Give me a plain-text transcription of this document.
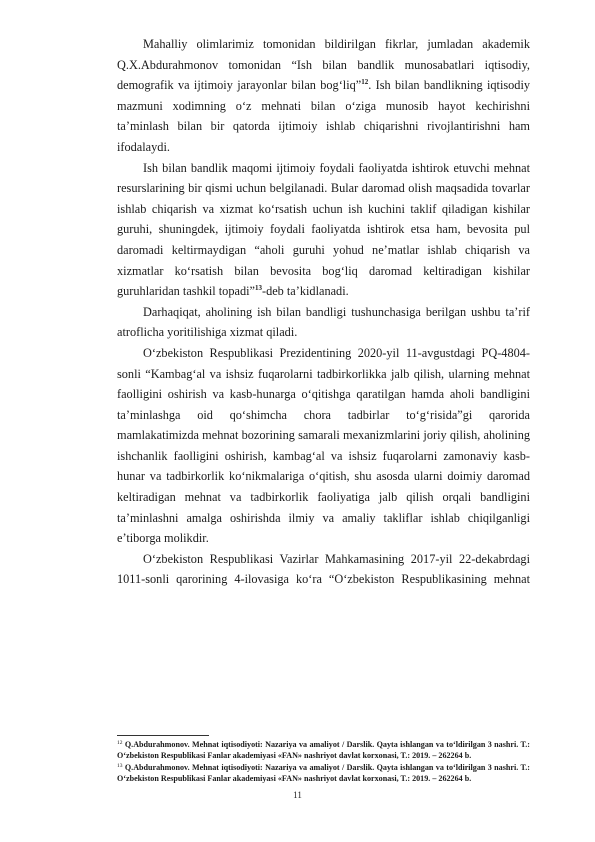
Mahalliy olimlarimiz tomonidan bildirilgan fikrlar, jumladan akademik Q.X.Abdurahmonov tomonidan “Ish bilan bandlik munosabatlari iqtisodiy, demografik va ijtimoiy jarayonlar bilan bog‘liq”$^{12}$. Ish bilan bandlikning iqtisodiy mazmuni xodimning o‘z mehnati bilan o‘ziga munosib hayot kechirishni ta’minlash bilan bir qatorda ijtimoiy ishlab chiqarishni rivojlantirishni ham ifodalaydi.

Ish bilan bandlik maqomi ijtimoiy foydali faoliyatda ishtirok etuvchi mehnat resurslarining bir qismi uchun belgilanadi. Bular daromad olish maqsadida tovarlar ishlab chiqarish va xizmat ko‘rsatish uchun ish kuchini taklif qiladigan kishilar guruhi, shuningdek, ijtimoiy foydali faoliyatda ishtirok etsa ham, bevosita pul daromadi keltirmaydigan “aholi guruhi yohud ne’matlar ishlab chiqarish va xizmatlar ko‘rsatish bilan bevosita bog‘liq daromad keltiradigan kishilar guruhlaridan tashkil topadi”$^{13}$-deb ta’kidlanadi.

Darhaqiqat, aholining ish bilan bandligi tushunchasiga berilgan ushbu ta’rif atroflicha yoritilishiga xizmat qiladi.

O‘zbekiston Respublikasi Prezidentining 2020-yil 11-avgustdagi PQ-4804-sonli “Kambag‘al va ishsiz fuqarolarni tadbirkorlikka jalb qilish, ularning mehnat faolligini oshirish va kasb-hunarga o‘qitishga qaratilgan hamda aholi bandligini ta’minlashga oid qo‘shimcha chora tadbirlar to‘g‘risida”gi qarorida mamlakatimizda mehnat bozorining samarali mexanizmlarini joriy qilish, aholining ishchanlik faolligini oshirish, kambag‘al va ishsiz fuqarolarni zamonaviy kasb-hunar va tadbirkorlik ko‘nikmalariga o‘qitish, shu asosda ularni doimiy daromad keltiradigan mehnat va tadbirkorlik faoliyatiga jalb qilish orqali bandligini ta’minlashni amalga oshirishda ilmiy va amaliy takliflar ishlab chiqilganligi e’tiborga molikdir.

O‘zbekiston Respublikasi Vazirlar Mahkamasining 2017-yil 22-dekabrdagi 1011-sonli qarorining 4-ilovasiga ko‘ra “O‘zbekiston Respublikasining mehnat

$^{12}$ Q.Abdurahmonov. Mehnat iqtisodiyoti: Nazariya va amaliyot / Darslik. Qayta ishlangan va to‘ldirilgan 3 nashri. T.: O‘zbekiston Respublikasi Fanlar akademiyasi «FAN» nashriyot davlat korxonasi, T.: 2019. – 262264 b.

$^{13}$ Q.Abdurahmonov. Mehnat iqtisodiyoti: Nazariya va amaliyot / Darslik. Qayta ishlangan va to‘ldirilgan 3 nashri. T.: O‘zbekiston Respublikasi Fanlar akademiyasi «FAN» nashriyot davlat korxonasi, T.: 2019. – 262264 b.

11
